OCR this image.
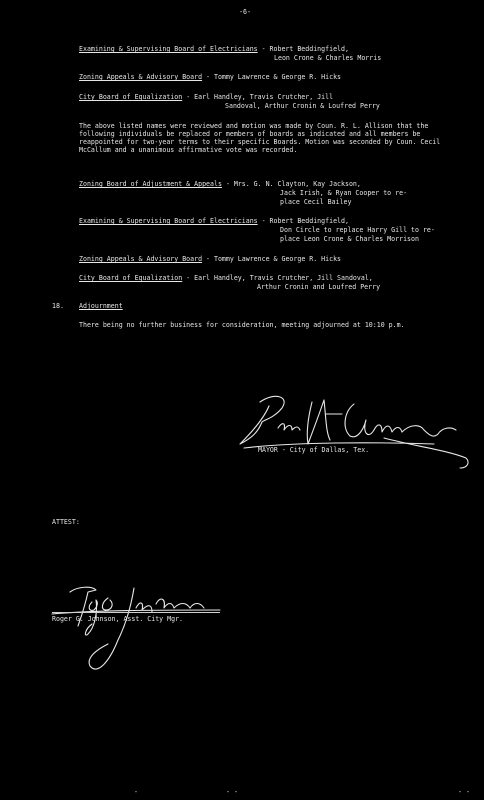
-6-
Examining & Supervising Board of Electricians - Robert Beddingfield,
Leon Crone & Charles Morris
Zoning Appeals & Advisory Board - Tommy Lawrence & George R. Hicks
City Board of Equalization - Earl Handley, Travis Crutcher, Jill
Sandoval, Arthur Cronin & Loufred Perry
The above listed names were reviewed and motion was made by Coun. R. L. Allison that the following individuals be replaced or members of boards as indicated and all members be reappointed for two-year terms to their specific Boards. Motion was seconded by Coun. Cecil McCallum and a unanimous affirmative vote was recorded.
Zoning Board of Adjustment & Appeals - Mrs. G. N. Clayton, Kay Jackson,
Jack Irish, & Ryan Cooper to re-
place Cecil Bailey
Examining & Supervising Board of Electricians - Robert Beddingfield,
Don Circle to replace Harry Gill to re-
place Leon Crone & Charles Morrison
Zoning Appeals & Advisory Board - Tommy Lawrence & George R. Hicks
City Board of Equalization - Earl Handley, Travis Crutcher, Jill Sandoval,
Arthur Cronin and Loufred Perry
18. Adjournment
There being no further business for consideration, meeting adjourned at 10:10 p.m.
MAYOR - City of Dallas, Tex.
ATTEST:
Roger G. Johnson, Asst. City Mgr.
-	- -	- -
